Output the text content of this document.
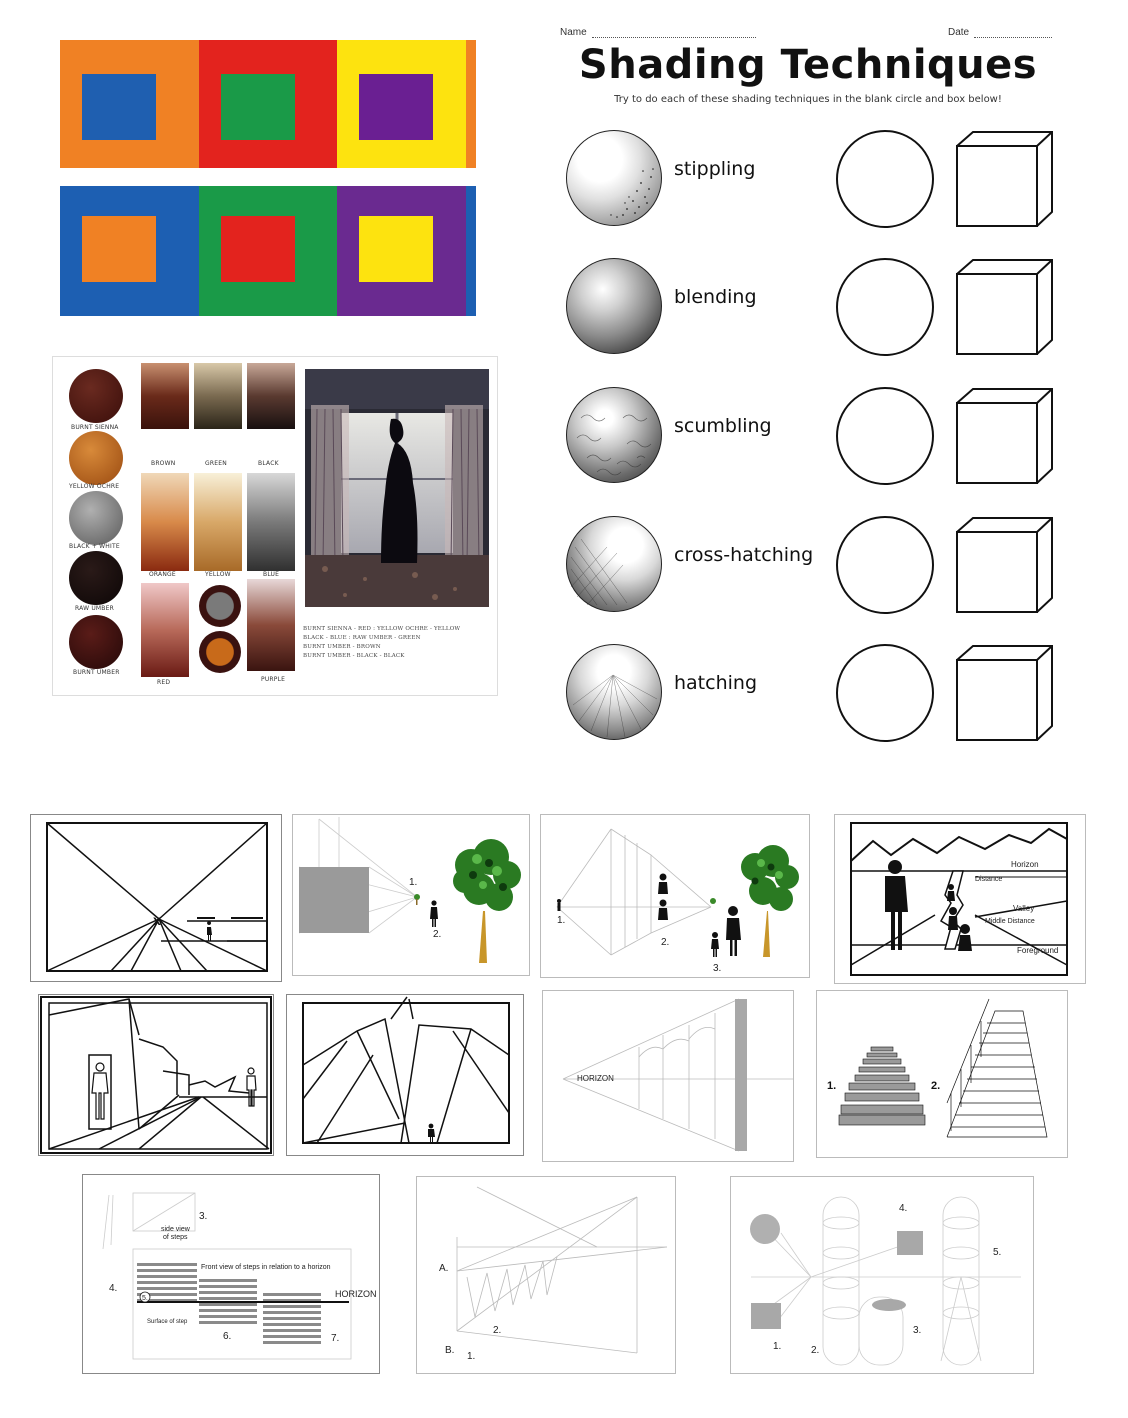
BURNT SIENNA
YELLOW OCHRE
BLACK + WHITE
RAW UMBER
BURNT UMBER
BROWN	GREEN	BLACK
ORANGE	YELLOW	BLUE
RED	PURPLE
BURNT SIENNA - RED : YELLOW OCHRE - YELLOW
BLACK - BLUE : RAW UMBER - GREEN
BURNT UMBER - BROWN
BURNT UMBER - BLACK - BLACK
Name	Date
Shading Techniques
Try to do each of these shading techniques in the blank circle and box below!
stippling
blending
scumbling
cross-hatching
hatching
x
1.
2.
1.
2.
3.
Horizon
Distance
Valley
Middle Distance
Foreground
HORIZON
1.	2.
3.
side view of steps
Front view of steps in relation to a horizon
4.
5.
Surface of step
6.	7.
HORIZON
A.
B.
1.
2.
4.
5.
3.
1.	2.
